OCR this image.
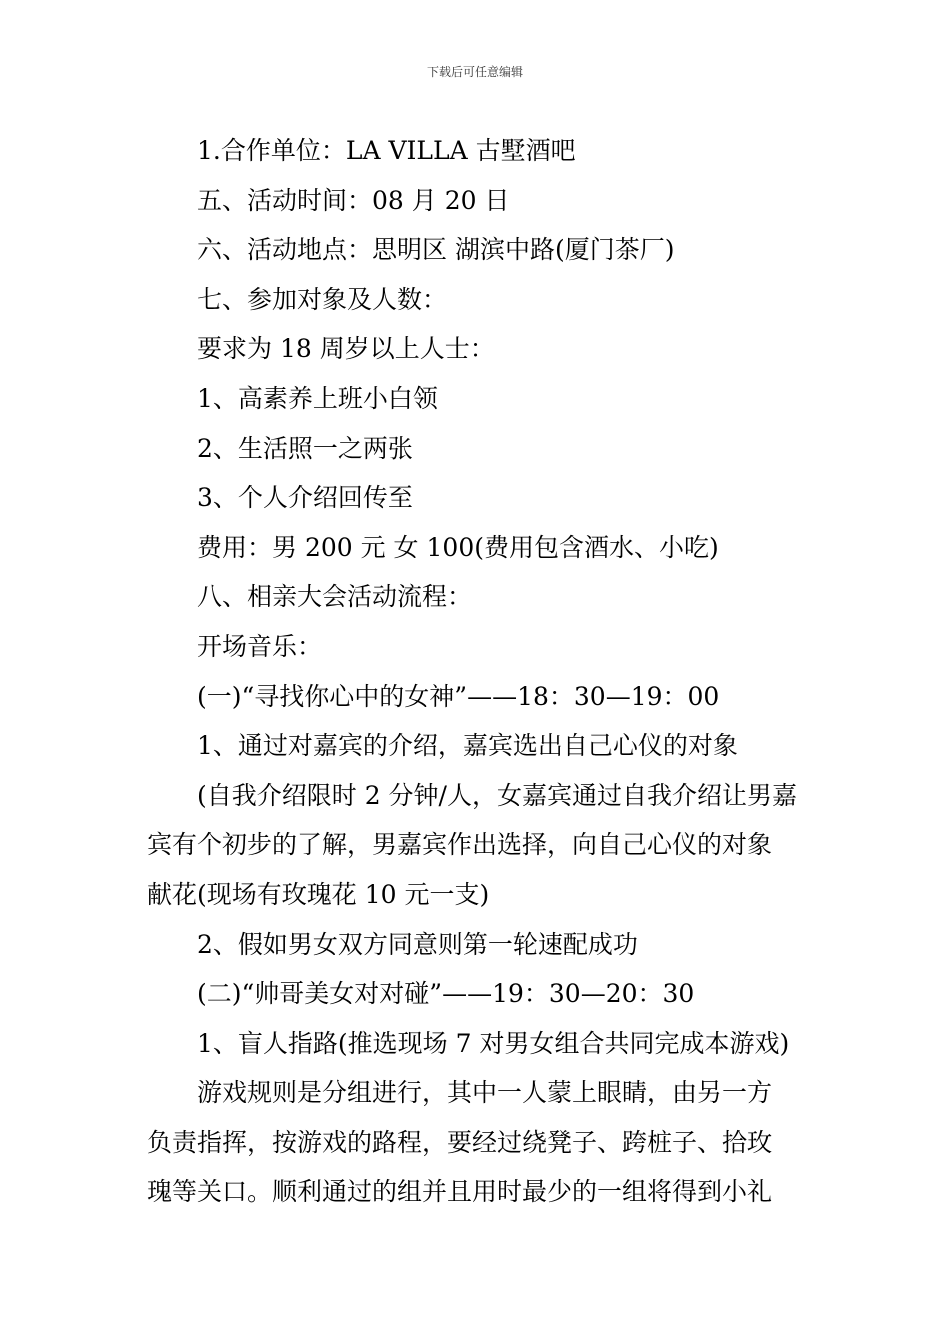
下载后可任意编辑
1.合作单位：LA VILLA 古墅酒吧
五、活动时间：08 月 20 日
六、活动地点：思明区 湖滨中路(厦门茶厂)
七、参加对象及人数：
要求为 18 周岁以上人士：
1、高素养上班小白领
2、生活照一之两张
3、个人介绍回传至
费用：男 200 元 女 100(费用包含酒水、小吃)
八、相亲大会活动流程：
开场音乐：
(一)“寻找你心中的女神”——18：30—19：00
1、通过对嘉宾的介绍，嘉宾选出自己心仪的对象
(自我介绍限时 2 分钟/人，女嘉宾通过自我介绍让男嘉
宾有个初步的了解，男嘉宾作出选择，向自己心仪的对象
献花(现场有玫瑰花 10 元一支)
2、假如男女双方同意则第一轮速配成功
(二)“帅哥美女对对碰”——19：30—20：30
1、盲人指路(推选现场 7 对男女组合共同完成本游戏)
游戏规则是分组进行，其中一人蒙上眼睛，由另一方
负责指挥，按游戏的路程，要经过绕凳子、跨桩子、拾玫
瑰等关口。顺利通过的组并且用时最少的一组将得到小礼
